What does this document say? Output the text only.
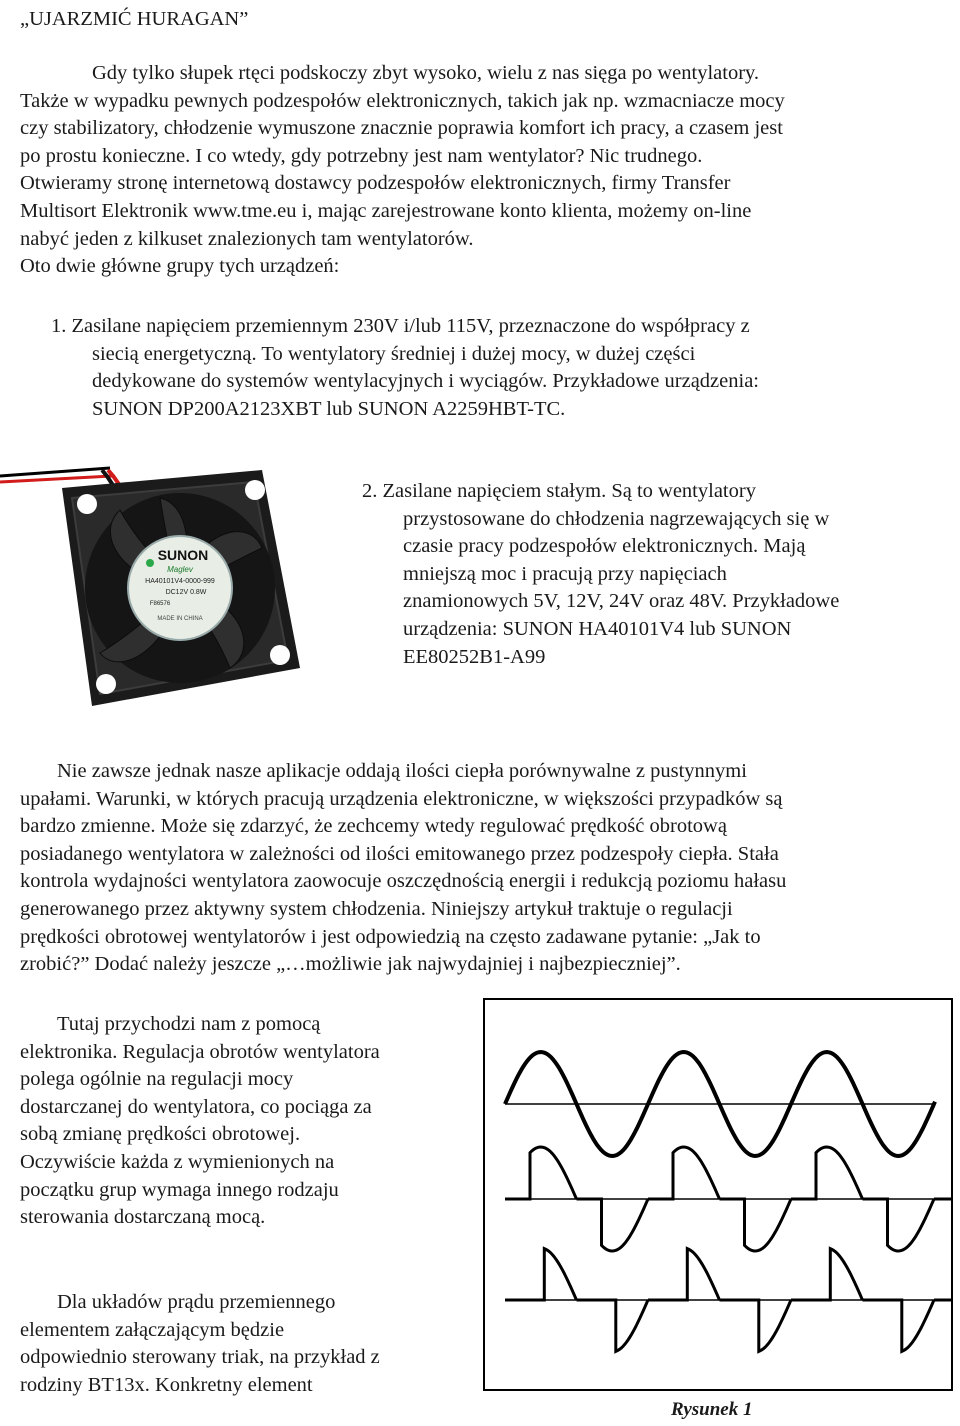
„UJARZMIĆ HURAGAN”

Gdy tylko słupek rtęci podskoczy zbyt wysoko, wielu z nas sięga po wentylatory.
Także w wypadku pewnych podzespołów elektronicznych, takich jak np. wzmacniacze mocy
czy stabilizatory, chłodzenie wymuszone znacznie poprawia komfort ich pracy, a czasem jest
po prostu konieczne. I co wtedy, gdy potrzebny jest nam wentylator? Nic trudnego.
Otwieramy stronę internetową dostawcy podzespołów elektronicznych, firmy Transfer
Multisort Elektronik www.tme.eu i, mając zarejestrowane konto klienta, możemy on-line
nabyć jeden z kilkuset znalezionych tam wentylatorów.
Oto dwie główne grupy tych urządzeń:

1. Zasilane napięciem przemiennym 230V i/lub 115V, przeznaczone do współpracy z
siecią energetyczną. To wentylatory średniej i dużej mocy, w dużej części
dedykowane do systemów wentylacyjnych i wyciągów. Przykładowe urządzenia:
SUNON DP200A2123XBT lub SUNON A2259HBT-TC.

SUNON
Maglev
HA40101V4-0000-999
DC12V 0.8W
F86576
MADE IN CHINA

2. Zasilane napięciem stałym. Są to wentylatory
przystosowane do chłodzenia nagrzewających się w
czasie pracy podzespołów elektronicznych. Mają
mniejszą moc i pracują przy napięciach
znamionowych 5V, 12V, 24V oraz 48V. Przykładowe
urządzenia: SUNON HA40101V4 lub SUNON
EE80252B1-A99

Nie zawsze jednak nasze aplikacje oddają ilości ciepła porównywalne z pustynnymi
upałami. Warunki, w których pracują urządzenia elektroniczne, w większości przypadków są
bardzo zmienne. Może się zdarzyć, że zechcemy wtedy regulować prędkość obrotową
posiadanego wentylatora w zależności od ilości emitowanego przez podzespoły ciepła. Stała
kontrola wydajności wentylatora zaowocuje oszczędnością energii i redukcją poziomu hałasu
generowanego przez aktywny system chłodzenia. Niniejszy artykuł traktuje o regulacji
prędkości obrotowej wentylatorów i jest odpowiedzią na często zadawane pytanie: „Jak to
zrobić?” Dodać należy jeszcze „…możliwie jak najwydajniej i najbezpieczniej”.

Tutaj przychodzi nam z pomocą
elektronika. Regulacja obrotów wentylatora
polega ogólnie na regulacji mocy
dostarczanej do wentylatora, co pociąga za
sobą zmianę prędkości obrotowej.
Oczywiście każda z wymienionych na
początku grup wymaga innego rodzaju
sterowania dostarczaną mocą.

Dla układów prądu przemiennego
elementem załączającym będzie
odpowiednio sterowany triak, na przykład z
rodziny BT13x. Konkretny element

Rysunek 1
